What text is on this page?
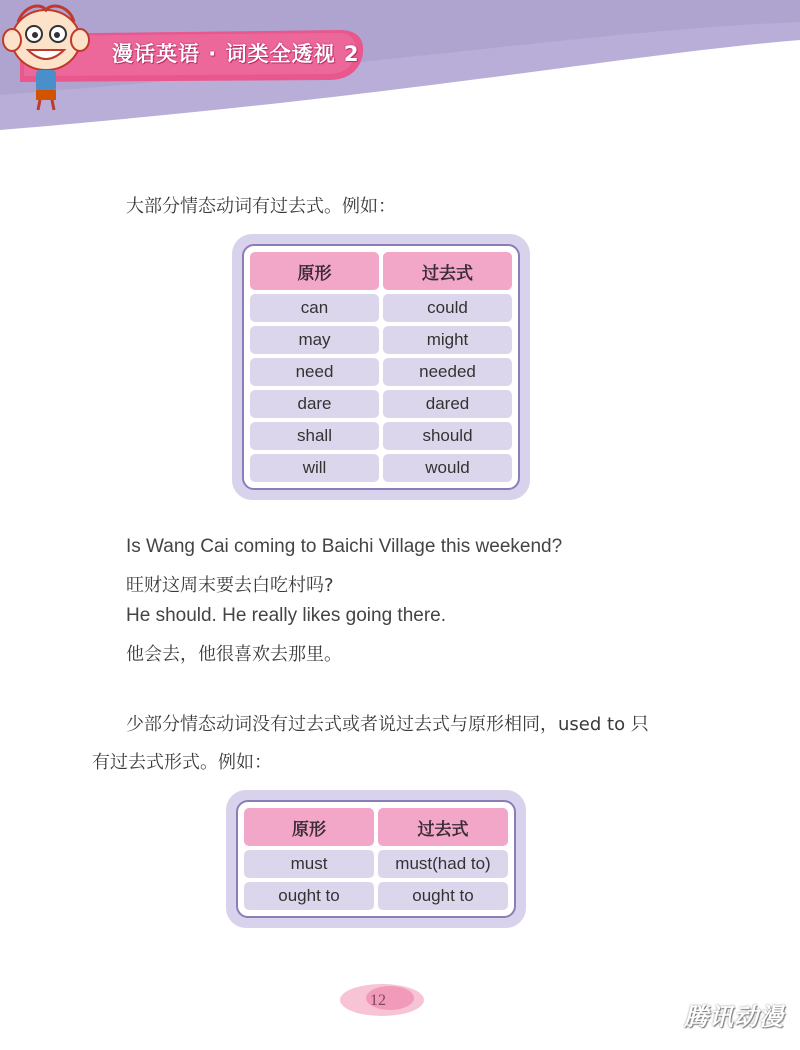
漫话英语 · 词类全透视 2
大部分情态动词有过去式。例如：
原形	过去式
can	could
may	might
need	needed
dare	dared
shall	should
will	would
Is Wang Cai coming to Baichi Village this weekend?
旺财这周末要去白吃村吗?
He should. He really likes going there.
他会去，他很喜欢去那里。
少部分情态动词没有过去式或者说过去式与原形相同，used to 只
有过去式形式。例如：
原形	过去式
must	must(had to)
ought to	ought to
12
腾讯动漫
